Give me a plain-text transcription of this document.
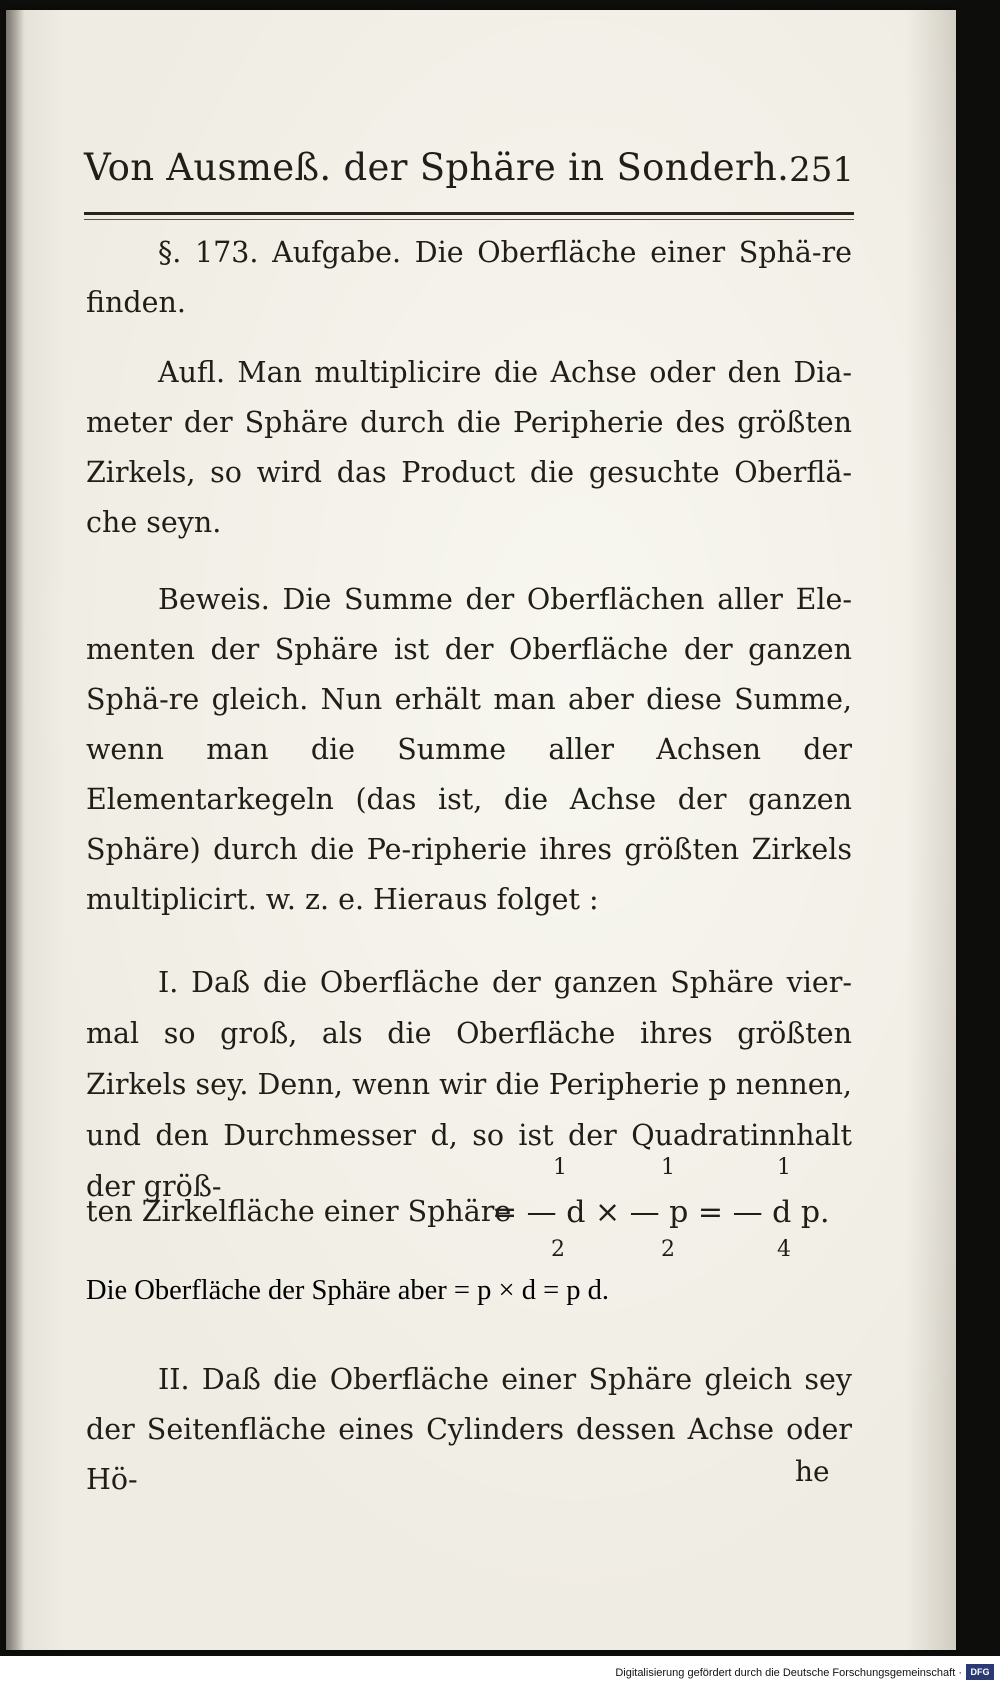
Von Ausmeß. der Sphäre in Sonderh. 251

§. 173. Aufgabe. Die Oberfläche einer Sphä-re finden.

Aufl. Man multiplicire die Achse oder den Dia-meter der Sphäre durch die Peripherie des größten Zirkels, so wird das Product die gesuchte Oberflä-che seyn.

Beweis. Die Summe der Oberflächen aller Ele-menten der Sphäre ist der Oberfläche der ganzen Sphä-re gleich. Nun erhält man aber diese Summe, wenn man die Summe aller Achsen der Elementarkegeln (das ist, die Achse der ganzen Sphäre) durch die Pe-ripherie ihres größten Zirkels multiplicirt. w. z. e. Hieraus folget :

I. Daß die Oberfläche der ganzen Sphäre vier-mal so groß, als die Oberfläche ihres größten Zirkels sey. Denn, wenn wir die Peripherie p nennen, und den Durchmesser d, so ist der Quadratinnhalt der größ-

ten Zirkelfläche einer Sphäre
= — d × — p = — d p.
1
2
1
2
1
4
Die Oberfläche der Sphäre aber = p × d = p d.

II. Daß die Oberfläche einer Sphäre gleich sey der Seitenfläche eines Cylinders dessen Achse oder Hö-	he
Digitalisierung gefördert durch die Deutsche Forschungsgemeinschaft · DFG
